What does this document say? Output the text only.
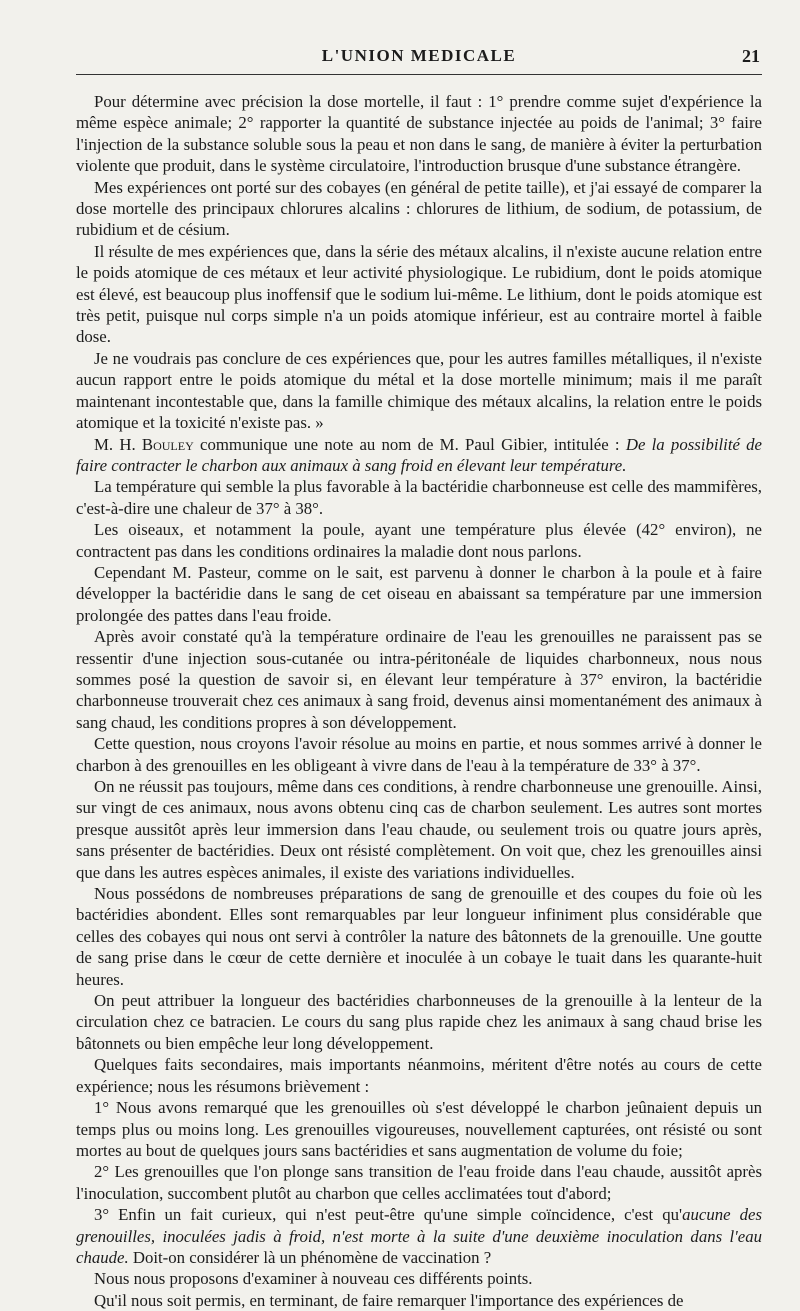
L'UNION MEDICALE	21

Pour détermine avec précision la dose mortelle, il faut : 1° prendre comme sujet d'expérience la même espèce animale; 2° rapporter la quantité de substance injectée au poids de l'animal; 3° faire l'injection de la substance soluble sous la peau et non dans le sang, de manière à éviter la perturbation violente que produit, dans le système circulatoire, l'introduction brusque d'une substance étrangère.

Mes expériences ont porté sur des cobayes (en général de petite taille), et j'ai essayé de comparer la dose mortelle des principaux chlorures alcalins : chlorures de lithium, de sodium, de potassium, de rubidium et de césium.

Il résulte de mes expériences que, dans la série des métaux alcalins, il n'existe aucune relation entre le poids atomique de ces métaux et leur activité physiologique. Le rubidium, dont le poids atomique est élevé, est beaucoup plus inoffensif que le sodium lui-même. Le lithium, dont le poids atomique est très petit, puisque nul corps simple n'a un poids atomique inférieur, est au contraire mortel à faible dose.

Je ne voudrais pas conclure de ces expériences que, pour les autres familles métalliques, il n'existe aucun rapport entre le poids atomique du métal et la dose mortelle minimum; mais il me paraît maintenant incontestable que, dans la famille chimique des métaux alcalins, la relation entre le poids atomique et la toxicité n'existe pas. »

M. H. Bouley communique une note au nom de M. Paul Gibier, intitulée : De la possibilité de faire contracter le charbon aux animaux à sang froid en élevant leur température.

La température qui semble la plus favorable à la bactéridie charbonneuse est celle des mammifères, c'est-à-dire une chaleur de 37° à 38°.

Les oiseaux, et notamment la poule, ayant une température plus élevée (42° environ), ne contractent pas dans les conditions ordinaires la maladie dont nous parlons.

Cependant M. Pasteur, comme on le sait, est parvenu à donner le charbon à la poule et à faire développer la bactéridie dans le sang de cet oiseau en abaissant sa température par une immersion prolongée des pattes dans l'eau froide.

Après avoir constaté qu'à la température ordinaire de l'eau les grenouilles ne paraissent pas se ressentir d'une injection sous-cutanée ou intra-péritonéale de liquides charbonneux, nous nous sommes posé la question de savoir si, en élevant leur température à 37° environ, la bactéridie charbonneuse trouverait chez ces animaux à sang froid, devenus ainsi momentanément des animaux à sang chaud, les conditions propres à son développement.

Cette question, nous croyons l'avoir résolue au moins en partie, et nous sommes arrivé à donner le charbon à des grenouilles en les obligeant à vivre dans de l'eau à la température de 33° à 37°.

On ne réussit pas toujours, même dans ces conditions, à rendre charbonneuse une grenouille. Ainsi, sur vingt de ces animaux, nous avons obtenu cinq cas de charbon seulement. Les autres sont mortes presque aussitôt après leur immersion dans l'eau chaude, ou seulement trois ou quatre jours après, sans présenter de bactéridies. Deux ont résisté complètement. On voit que, chez les grenouilles ainsi que dans les autres espèces animales, il existe des variations individuelles.

Nous possédons de nombreuses préparations de sang de grenouille et des coupes du foie où les bactéridies abondent. Elles sont remarquables par leur longueur infiniment plus considérable que celles des cobayes qui nous ont servi à contrôler la nature des bâtonnets de la grenouille. Une goutte de sang prise dans le cœur de cette dernière et inoculée à un cobaye le tuait dans les quarante-huit heures.

On peut attribuer la longueur des bactéridies charbonneuses de la grenouille à la lenteur de la circulation chez ce batracien. Le cours du sang plus rapide chez les animaux à sang chaud brise les bâtonnets ou bien empêche leur long développement.

Quelques faits secondaires, mais importants néanmoins, méritent d'être notés au cours de cette expérience; nous les résumons brièvement :

1° Nous avons remarqué que les grenouilles où s'est développé le charbon jeûnaient depuis un temps plus ou moins long. Les grenouilles vigoureuses, nouvellement capturées, ont résisté ou sont mortes au bout de quelques jours sans bactéridies et sans augmentation de volume du foie;

2° Les grenouilles que l'on plonge sans transition de l'eau froide dans l'eau chaude, aussitôt après l'inoculation, succombent plutôt au charbon que celles acclimatées tout d'abord;

3° Enfin un fait curieux, qui n'est peut-être qu'une simple coïncidence, c'est qu'aucune des grenouilles, inoculées jadis à froid, n'est morte à la suite d'une deuxième inoculation dans l'eau chaude. Doit-on considérer là un phénomène de vaccination ?

Nous nous proposons d'examiner à nouveau ces différents points.

Qu'il nous soit permis, en terminant, de faire remarquer l'importance des expériences de
